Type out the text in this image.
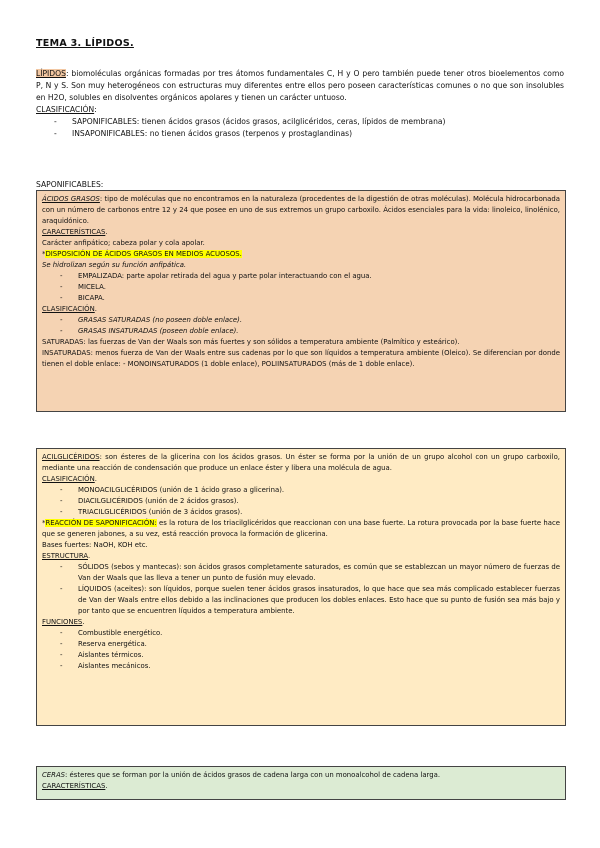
TEMA 3. LÍPIDOS.

LÍPIDOS: biomoléculas orgánicas formadas por tres átomos fundamentales C, H y O pero también puede tener otros bioelementos como P, N y S. Son muy heterogéneos con estructuras muy diferentes entre ellos pero poseen características comunes o no que son insolubles en H2O, solubles en disolventes orgánicos apolares y tienen un carácter untuoso.

CLASIFICACIÓN:
- SAPONIFICABLES: tienen ácidos grasos (ácidos grasos, acilglicéridos, ceras, lípidos de membrana)
- INSAPONIFICABLES: no tienen ácidos grasos (terpenos y prostaglandinas)
SAPONIFICABLES:

ÁCIDOS GRASOS: tipo de moléculas que no encontramos en la naturaleza (procedentes de la digestión de otras moléculas). Molécula hidrocarbonada con un número de carbonos entre 12 y 24 que posee en uno de sus extremos un grupo carboxilo. Ácidos esenciales para la vida: linoleico, linolénico, araquidónico.

CARACTERÍSTICAS.

Carácter anfipático; cabeza polar y cola apolar.

*DISPOSICIÓN DE ÁCIDOS GRASOS EN MEDIOS ACUOSOS.

Se hidrolizan según su función anfipática.

- EMPALIZADA: parte apolar retirada del agua y parte polar interactuando con el agua.
- MICELA.
- BICAPA.

CLASIFICACIÓN.

- GRASAS SATURADAS (no poseen doble enlace).
- GRASAS INSATURADAS (poseen doble enlace).

SATURADAS: las fuerzas de Van der Waals son más fuertes y son sólidos a temperatura ambiente (Palmítico y esteárico).

INSATURADAS: menos fuerza de Van der Waals entre sus cadenas por lo que son líquidos a temperatura ambiente (Oleico). Se diferencian por donde tienen el doble enlace: - MONOINSATURADOS (1 doble enlace), POLIINSATURADOS (más de 1 doble enlace).

ACILGLICÉRIDOS: son ésteres de la glicerina con los ácidos grasos. Un éster se forma por la unión de un grupo alcohol con un grupo carboxilo, mediante una reacción de condensación que produce un enlace éster y libera una molécula de agua.

CLASIFICACIÓN.

- MONOACILGLICÉRIDOS (unión de 1 ácido graso a glicerina).
- DIACILGLICÉRIDOS (unión de 2 ácidos grasos).
- TRIACILGLICÉRIDOS (unión de 3 ácidos grasos).

*REACCIÓN DE SAPONIFICACIÓN: es la rotura de los triacilglicéridos que reaccionan con una base fuerte. La rotura provocada por la base fuerte hace que se generen jabones, a su vez, está reacción provoca la formación de glicerina.

Bases fuertes: NaOH, KOH etc.

ESTRUCTURA.

- SÓLIDOS (sebos y mantecas): son ácidos grasos completamente saturados, es común que se establezcan un mayor número de fuerzas de Van der Waals que las lleva a tener un punto de fusión muy elevado.
- LÍQUIDOS (aceites): son líquidos, porque suelen tener ácidos grasos insaturados, lo que hace que sea más complicado establecer fuerzas de Van der Waals entre ellos debido a las inclinaciones que producen los dobles enlaces. Esto hace que su punto de fusión sea más bajo y por tanto que se encuentren líquidos a temperatura ambiente.

FUNCIONES.

- Combustible energético.
- Reserva energética.
- Aislantes térmicos.
- Aislantes mecánicos.

CERAS: ésteres que se forman por la unión de ácidos grasos de cadena larga con un monoalcohol de cadena larga.

CARACTERÍSTICAS.
